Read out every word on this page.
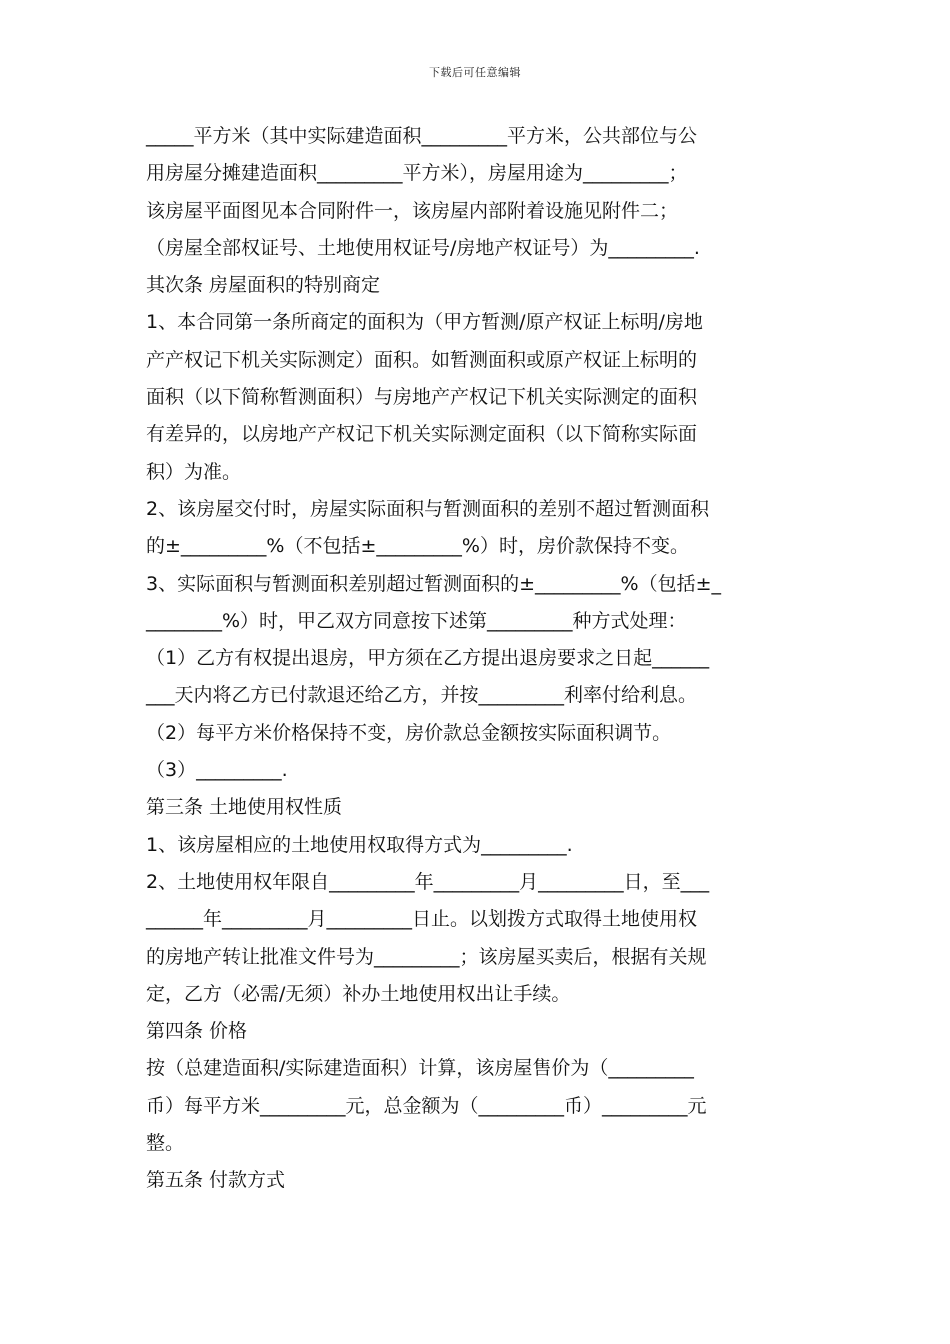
下载后可任意编辑
_____平方米（其中实际建造面积_________平方米，公共部位与公
用房屋分摊建造面积_________平方米），房屋用途为_________；
该房屋平面图见本合同附件一，该房屋内部附着设施见附件二；
（房屋全部权证号、土地使用权证号/房地产权证号）为_________.
其次条 房屋面积的特别商定
1、本合同第一条所商定的面积为（甲方暂测/原产权证上标明/房地
产产权记下机关实际测定）面积。如暂测面积或原产权证上标明的
面积（以下简称暂测面积）与房地产产权记下机关实际测定的面积
有差异的，以房地产产权记下机关实际测定面积（以下简称实际面
积）为准。
2、该房屋交付时，房屋实际面积与暂测面积的差别不超过暂测面积
的±_________%（不包括±_________%）时，房价款保持不变。
3、实际面积与暂测面积差别超过暂测面积的±_________%（包括±_
________%）时，甲乙双方同意按下述第_________种方式处理：
（1）乙方有权提出退房，甲方须在乙方提出退房要求之日起______
___天内将乙方已付款退还给乙方，并按_________利率付给利息。
（2）每平方米价格保持不变，房价款总金额按实际面积调节。
（3）_________.
第三条 土地使用权性质
1、该房屋相应的土地使用权取得方式为_________.
2、土地使用权年限自_________年_________月_________日，至___
______年_________月_________日止。以划拨方式取得土地使用权
的房地产转让批准文件号为_________；该房屋买卖后，根据有关规
定，乙方（必需/无须）补办土地使用权出让手续。
第四条 价格
按（总建造面积/实际建造面积）计算，该房屋售价为（_________
币）每平方米_________元，总金额为（_________币）_________元
整。
第五条 付款方式
